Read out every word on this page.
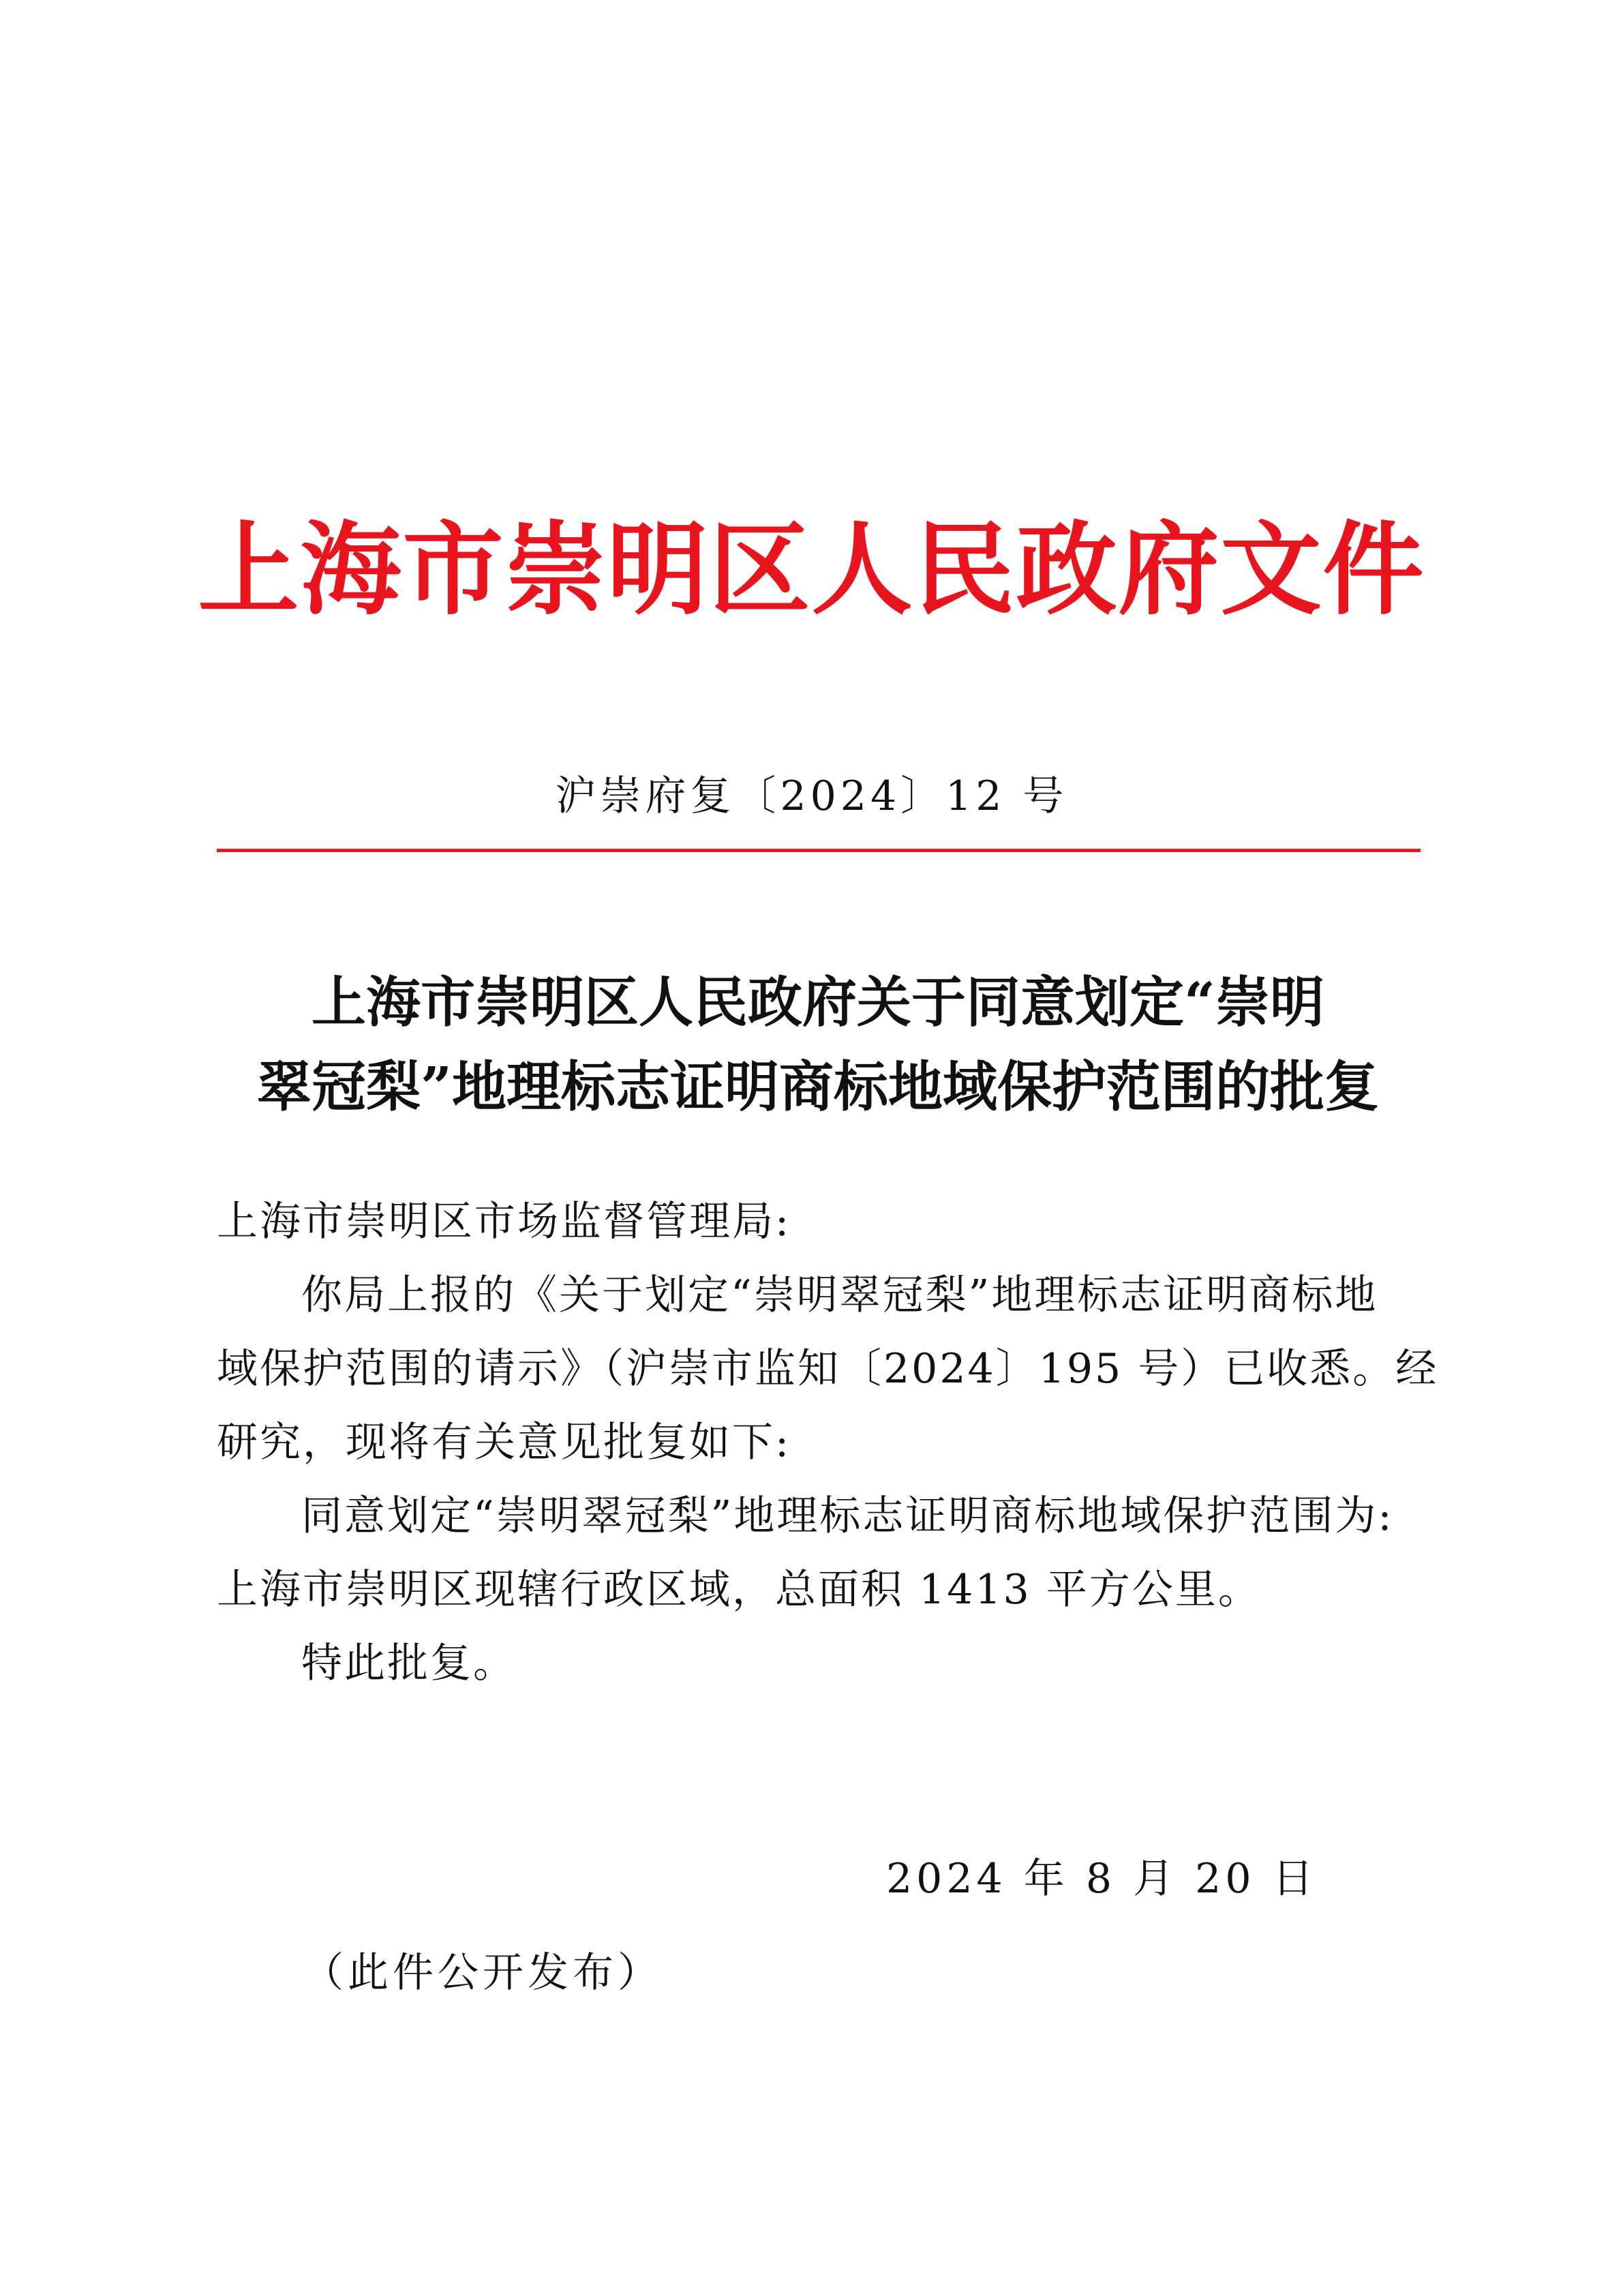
上海市崇明区人民政府文件
沪崇府复〔2024〕12 号
上海市崇明区人民政府关于同意划定“崇明
翠冠梨”地理标志证明商标地域保护范围的批复

上海市崇明区市场监督管理局:

你局上报的《关于划定“崇明翠冠梨”地理标志证明商标地

域保护范围的请示》（沪崇市监知〔2024〕195 号）已收悉。经

研究，现将有关意见批复如下:

同意划定“崇明翠冠梨”地理标志证明商标地域保护范围为:

上海市崇明区现辖行政区域，总面积 1413 平方公里。

特此批复。

2024 年 8 月 20 日
（此件公开发布）
